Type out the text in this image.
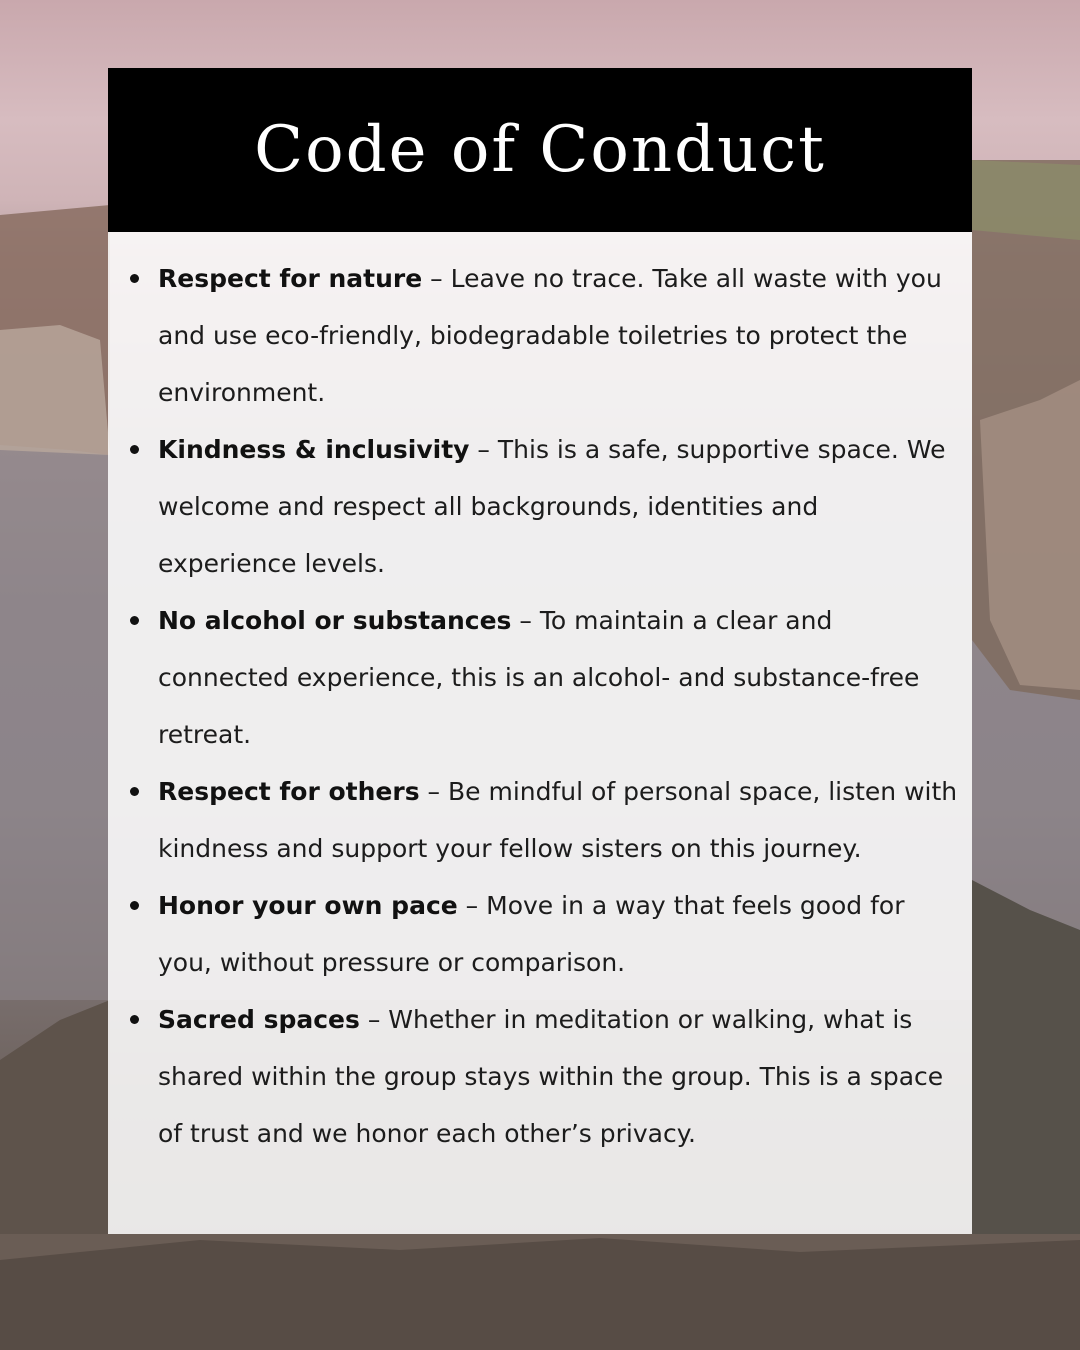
Code of Conduct
Respect for nature – Leave no trace. Take all waste with you and use eco-friendly, biodegradable toiletries to protect the environment.
Kindness & inclusivity – This is a safe, supportive space. We welcome and respect all backgrounds, identities and experience levels.
No alcohol or substances – To maintain a clear and connected experience, this is an alcohol- and substance-free retreat.
Respect for others – Be mindful of personal space, listen with kindness and support your fellow sisters on this journey.
Honor your own pace – Move in a way that feels good for you, without pressure or comparison.
Sacred spaces – Whether in meditation or walking, what is shared within the group stays within the group. This is a space of trust and we honor each other’s privacy.
